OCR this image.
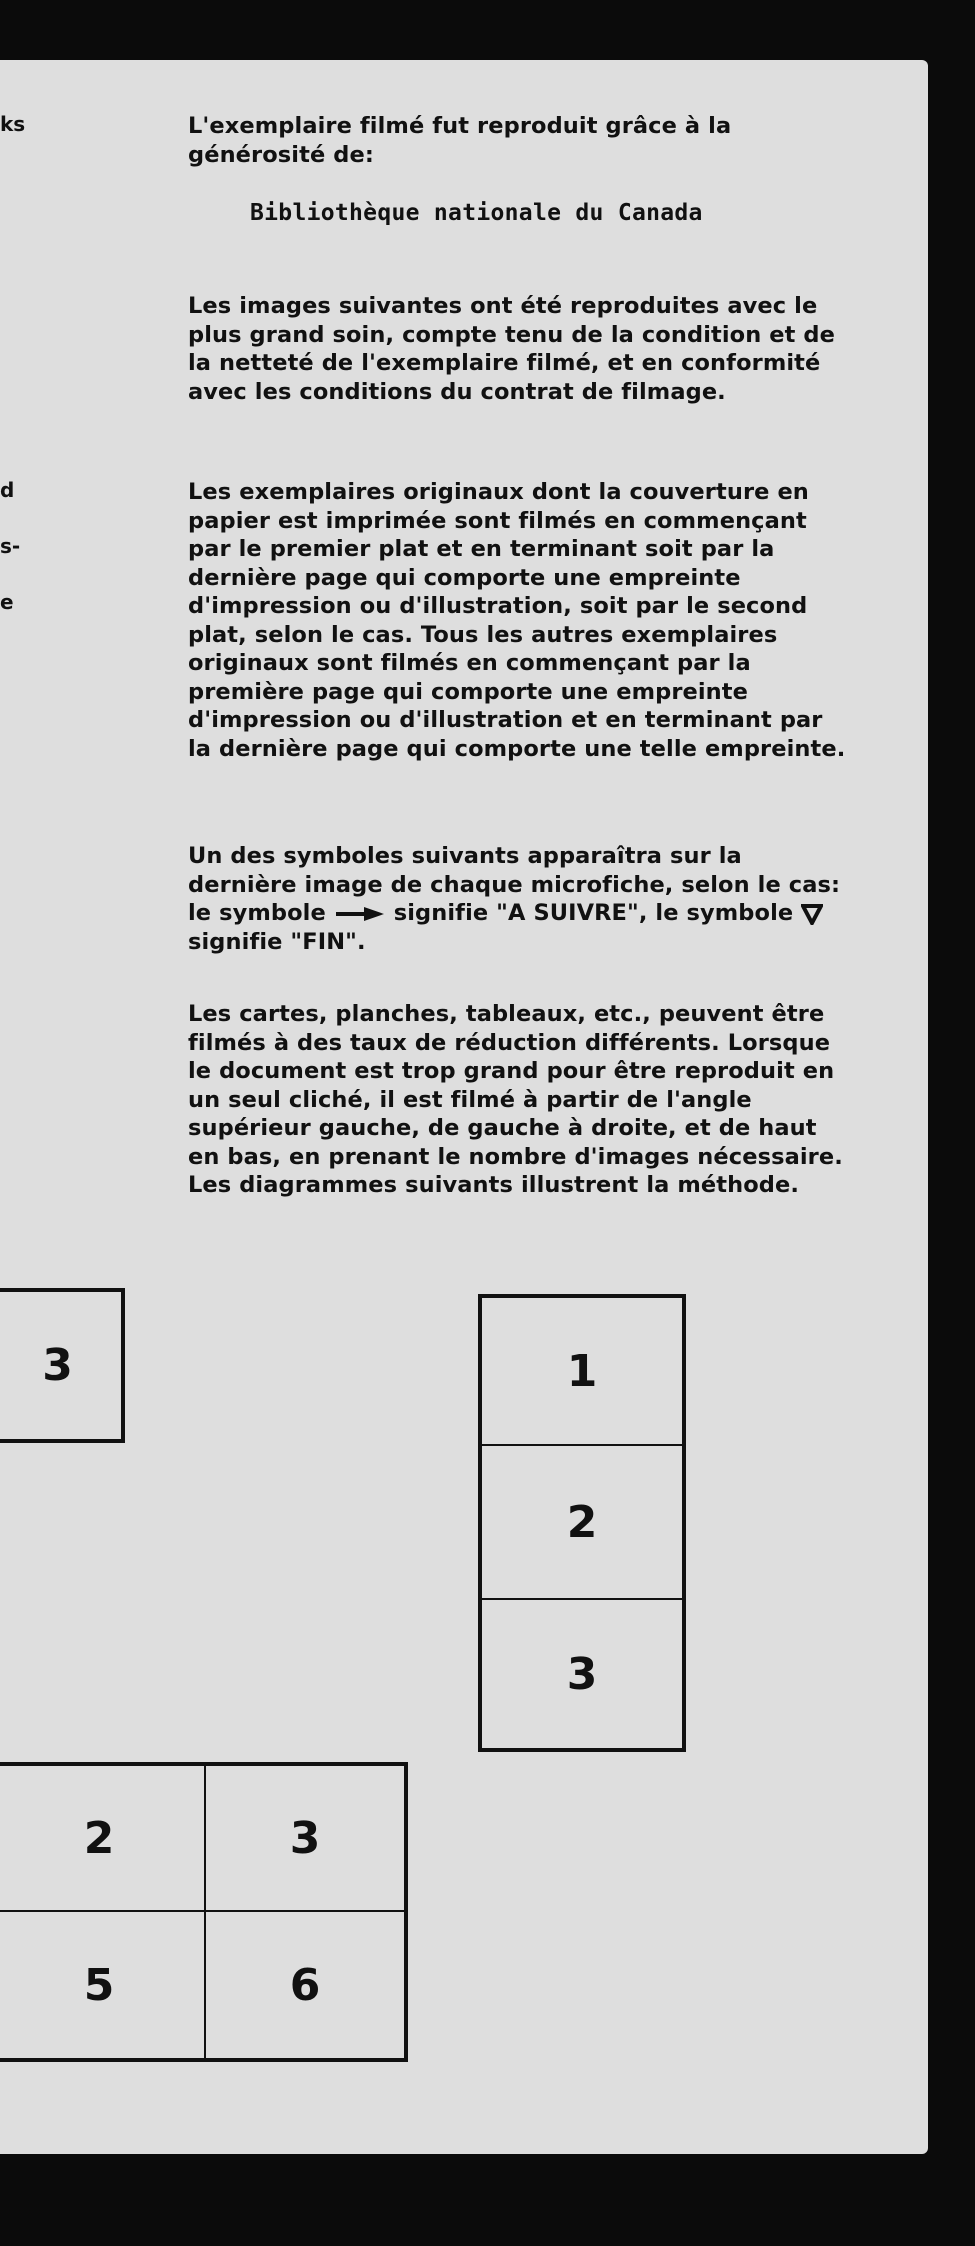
ks
d
s-
e
L'exemplaire filmé fut reproduit grâce à la générosité de:
Bibliothèque nationale du Canada
Les images suivantes ont été reproduites avec le plus grand soin, compte tenu de la condition et de la netteté de l'exemplaire filmé, et en conformité avec les conditions du contrat de filmage.
Les exemplaires originaux dont la couverture en papier est imprimée sont filmés en commençant par le premier plat et en terminant soit par la dernière page qui comporte une empreinte d'impression ou d'illustration, soit par le second plat, selon le cas. Tous les autres exemplaires originaux sont filmés en commençant par la première page qui comporte une empreinte d'impression ou d'illustration et en terminant par la dernière page qui comporte une telle empreinte.
Un des symboles suivants apparaîtra sur la dernière image de chaque microfiche, selon le cas: le symbole	signifie "A SUIVRE", le symbole  signifie "FIN".
Les cartes, planches, tableaux, etc., peuvent être filmés à des taux de réduction différents. Lorsque le document est trop grand pour être reproduit en un seul cliché, il est filmé à partir de l'angle supérieur gauche, de gauche à droite, et de haut en bas, en prenant le nombre d'images nécessaire. Les diagrammes suivants illustrent la méthode.
3	1
2
3
2	3
5	6
